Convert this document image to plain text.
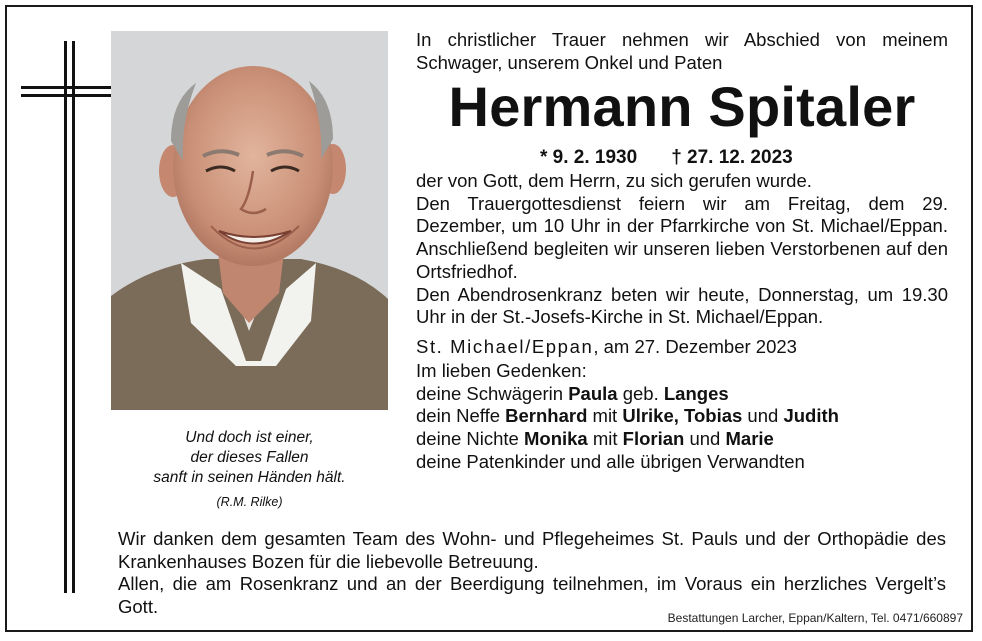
Und doch ist einer,
der dieses Fallen
sanft in seinen Händen hält.
(R.M. Rilke)

In christlicher Trauer nehmen wir Abschied von meinem Schwager, unserem Onkel und Paten

Hermann Spitaler

* 9. 2. 1930 † 27. 12. 2023

der von Gott, dem Herrn, zu sich gerufen wurde.

Den Trauergottesdienst feiern wir am Freitag, dem 29. Dezember, um 10 Uhr in der Pfarrkirche von St. Michael/Eppan. Anschließend begleiten wir unseren lieben Verstorbenen auf den Ortsfriedhof.

Den Abendrosenkranz beten wir heute, Donnerstag, um 19.30 Uhr in der St.-Josefs-Kirche in St. Michael/Eppan.

St. Michael/Eppan, am 27. Dezember 2023

Im lieben Gedenken:
deine Schwägerin Paula geb. Langes
dein Neffe Bernhard mit Ulrike, Tobias und Judith
deine Nichte Monika mit Florian und Marie
deine Patenkinder und alle übrigen Verwandten

Wir danken dem gesamten Team des Wohn- und Pflegeheimes St. Pauls und der Orthopädie des Krankenhauses Bozen für die liebevolle Betreuung.

Allen, die am Rosenkranz und an der Beerdigung teilnehmen, im Voraus ein herzliches Vergelt’s Gott.

Bestattungen Larcher, Eppan/Kaltern, Tel. 0471/660897
